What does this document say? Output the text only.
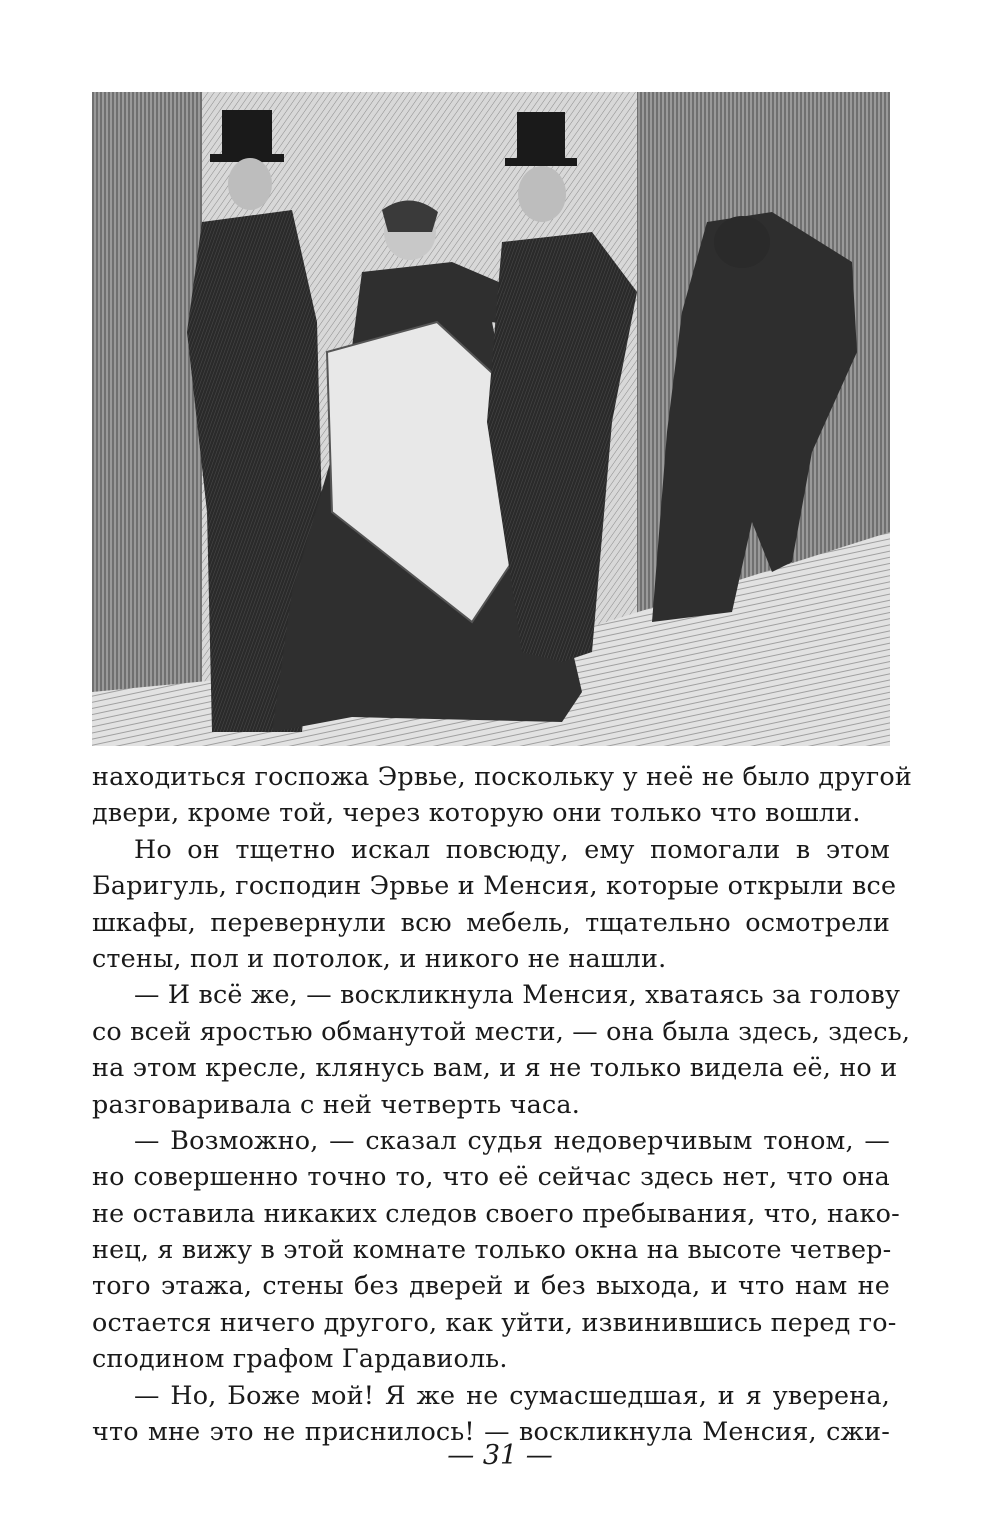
находиться госпожа Эрвье, поскольку у неё не было другой
двери, кроме той, через которую они только что вошли.

Но он тщетно искал повсюду, ему помогали в этом
Баригуль, господин Эрвье и Менсия, которые открыли все
шкафы, перевернули всю мебель, тщательно осмотрели
стены, пол и потолок, и никого не нашли.

— И всё же, — воскликнула Менсия, хватаясь за голову
со всей яростью обманутой мести, — она была здесь, здесь,
на этом кресле, клянусь вам, и я не только видела её, но и
разговаривала с ней четверть часа.

— Возможно, — сказал судья недоверчивым тоном, —
но совершенно точно то, что её сейчас здесь нет, что она
не оставила никаких следов своего пребывания, что, нако-
нец, я вижу в этой комнате только окна на высоте четвер-
того этажа, стены без дверей и без выхода, и что нам не
остается ничего другого, как уйти, извинившись перед го-
сподином графом Гардавиоль.

— Но, Боже мой! Я же не сумасшедшая, и я уверена,
что мне это не приснилось! — воскликнула Менсия, сжи-

— 31 —
